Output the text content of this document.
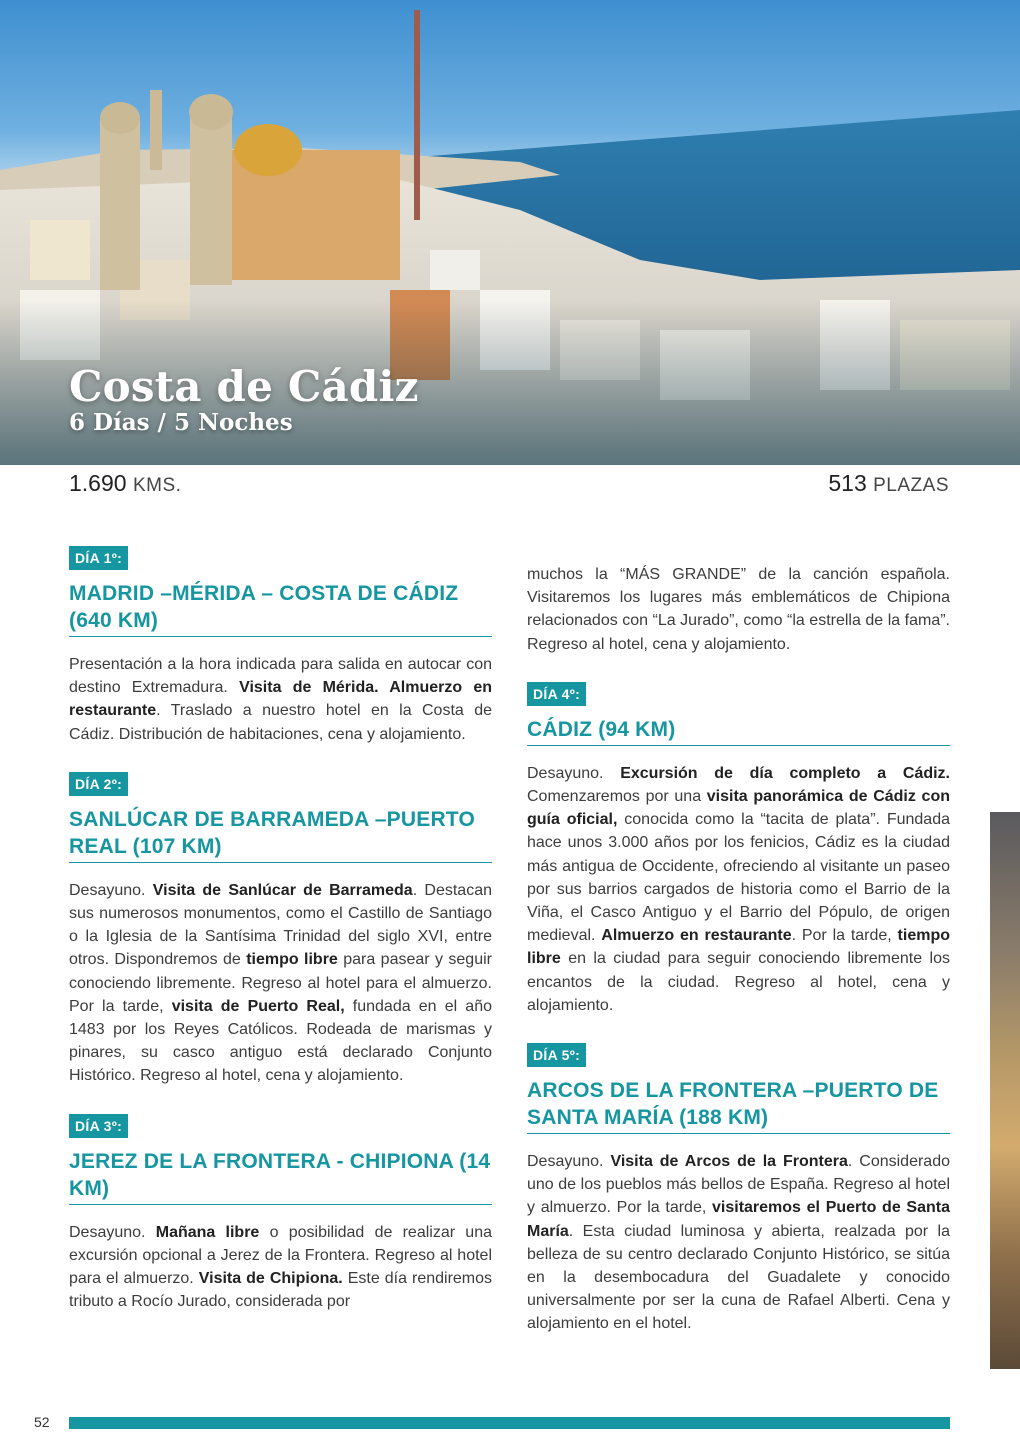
Costa de Cádiz
6 Días / 5 Noches
1.690 KMS.	513 PLAZAS
DÍA 1º:
MADRID –MÉRIDA – COSTA DE CÁDIZ (640 KM)

Presentación a la hora indicada para salida en autocar con destino Extremadura. Visita de Mérida. Almuerzo en restaurante. Traslado a nuestro hotel en la Costa de Cádiz. Distribución de habitaciones, cena y alojamiento.

DÍA 2º:
SANLÚCAR DE BARRAMEDA –PUERTO REAL (107 KM)

Desayuno. Visita de Sanlúcar de Barrameda. Destacan sus numerosos monumentos, como el Castillo de Santiago o la Iglesia de la Santísima Trinidad del siglo XVI, entre otros. Dispondremos de tiempo libre para pasear y seguir conociendo libremente. Regreso al hotel para el almuerzo. Por la tarde, visita de Puerto Real, fundada en el año 1483 por los Reyes Católicos. Rodeada de marismas y pinares, su casco antiguo está declarado Conjunto Histórico. Regreso al hotel, cena y alojamiento.

DÍA 3º:
JEREZ DE LA FRONTERA - CHIPIONA (14 KM)

Desayuno. Mañana libre o posibilidad de realizar una excursión opcional a Jerez de la Frontera. Regreso al hotel para el almuerzo. Visita de Chipiona. Este día rendiremos tributo a Rocío Jurado, considerada por

muchos la “MÁS GRANDE” de la canción española. Visitaremos los lugares más emblemáticos de Chipiona relacionados con “La Jurado”, como “la estrella de la fama”. Regreso al hotel, cena y alojamiento.

DÍA 4º:
CÁDIZ (94 KM)

Desayuno. Excursión de día completo a Cádiz. Comenzaremos por una visita panorámica de Cádiz con guía oficial, conocida como la “tacita de plata”. Fundada hace unos 3.000 años por los fenicios, Cádiz es la ciudad más antigua de Occidente, ofreciendo al visitante un paseo por sus barrios cargados de historia como el Barrio de la Viña, el Casco Antiguo y el Barrio del Pópulo, de origen medieval. Almuerzo en restaurante. Por la tarde, tiempo libre en la ciudad para seguir conociendo libremente los encantos de la ciudad. Regreso al hotel, cena y alojamiento.

DÍA 5º:
ARCOS DE LA FRONTERA –PUERTO DE SANTA MARÍA (188 KM)

Desayuno. Visita de Arcos de la Frontera. Considerado uno de los pueblos más bellos de España. Regreso al hotel y almuerzo. Por la tarde, visitaremos el Puerto de Santa María. Esta ciudad luminosa y abierta, realzada por la belleza de su centro declarado Conjunto Histórico, se sitúa en la desembocadura del Guadalete y conocido universalmente por ser la cuna de Rafael Alberti. Cena y alojamiento en el hotel.

52
